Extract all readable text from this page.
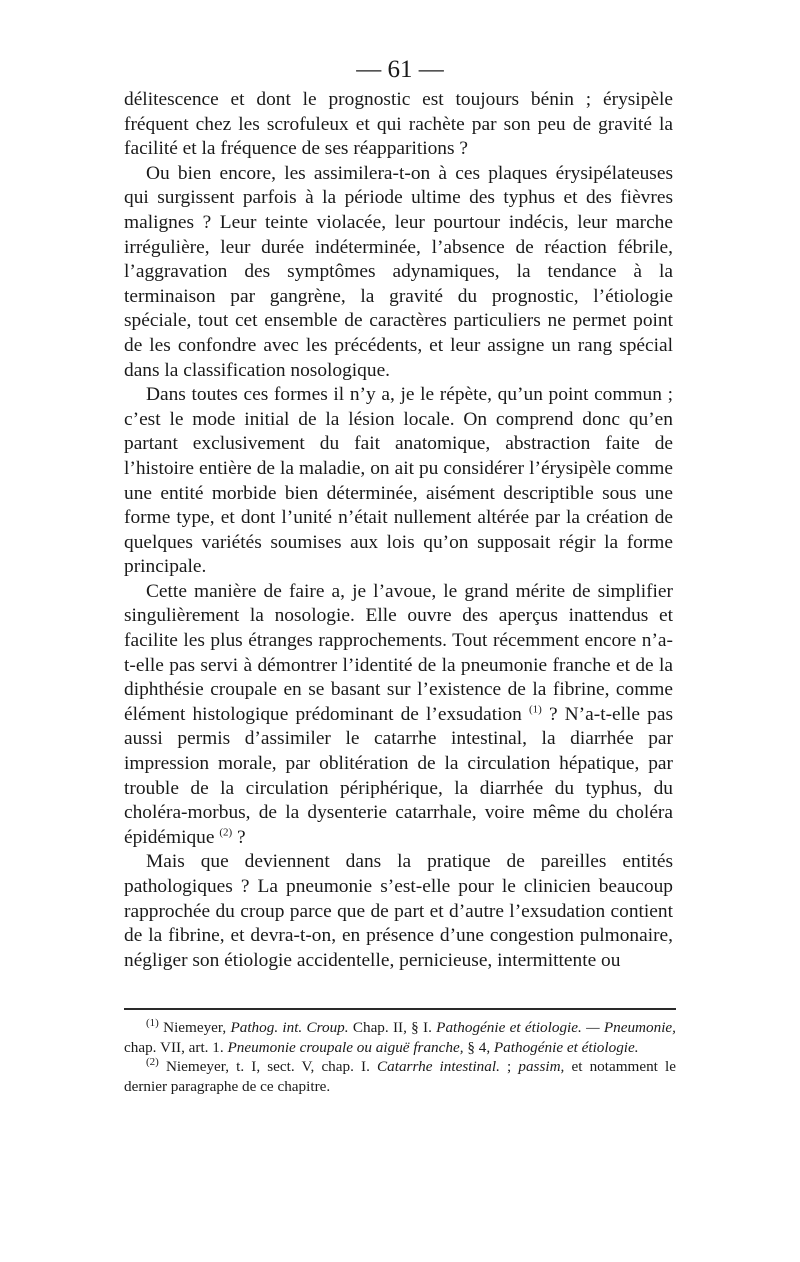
— 61 —

délitescence et dont le prognostic est toujours bénin ; érysipèle fréquent chez les scrofuleux et qui rachète par son peu de gravité la facilité et la fréquence de ses réapparitions ?

Ou bien encore, les assimilera-t-on à ces plaques érysipélateuses qui surgissent parfois à la période ultime des typhus et des fièvres malignes ? Leur teinte violacée, leur pourtour indécis, leur marche irrégulière, leur durée indéterminée, l’absence de réaction fébrile, l’aggravation des symptômes adynamiques, la tendance à la terminaison par gangrène, la gravité du prognostic, l’étiologie spéciale, tout cet ensemble de caractères particuliers ne permet point de les confondre avec les précédents, et leur assigne un rang spécial dans la classification nosologique.

Dans toutes ces formes il n’y a, je le répète, qu’un point commun ; c’est le mode initial de la lésion locale. On comprend donc qu’en partant exclusivement du fait anatomique, abstraction faite de l’histoire entière de la maladie, on ait pu considérer l’érysipèle comme une entité morbide bien déterminée, aisément descriptible sous une forme type, et dont l’unité n’était nullement altérée par la création de quelques variétés soumises aux lois qu’on supposait régir la forme principale.

Cette manière de faire a, je l’avoue, le grand mérite de simplifier singulièrement la nosologie. Elle ouvre des aperçus inattendus et facilite les plus étranges rapprochements. Tout récemment encore n’a-t-elle pas servi à démontrer l’identité de la pneumonie franche et de la diphthésie croupale en se basant sur l’existence de la fibrine, comme élément histologique prédominant de l’exsudation $^{(1)}$ ? N’a-t-elle pas aussi permis d’assimiler le catarrhe intestinal, la diarrhée par impression morale, par oblitération de la circulation hépatique, par trouble de la circulation périphérique, la diarrhée du typhus, du choléra-morbus, de la dysenterie catarrhale, voire même du choléra épidémique $^{(2)}$ ?

Mais que deviennent dans la pratique de pareilles entités pathologiques ? La pneumonie s’est-elle pour le clinicien beaucoup rapprochée du croup parce que de part et d’autre l’exsudation contient de la fibrine, et devra-t-on, en présence d’une congestion pulmonaire, négliger son étiologie accidentelle, pernicieuse, intermittente ou

$^{(1)}$ Niemeyer, Pathog. int. Croup. Chap. II, § I. Pathogénie et étiologie. — Pneumonie, chap. VII, art. 1. Pneumonie croupale ou aiguë franche, § 4, Pathogénie et étiologie.

$^{(2)}$ Niemeyer, t. I, sect. V, chap. I. Catarrhe intestinal. ; passim, et notamment le dernier paragraphe de ce chapitre.
